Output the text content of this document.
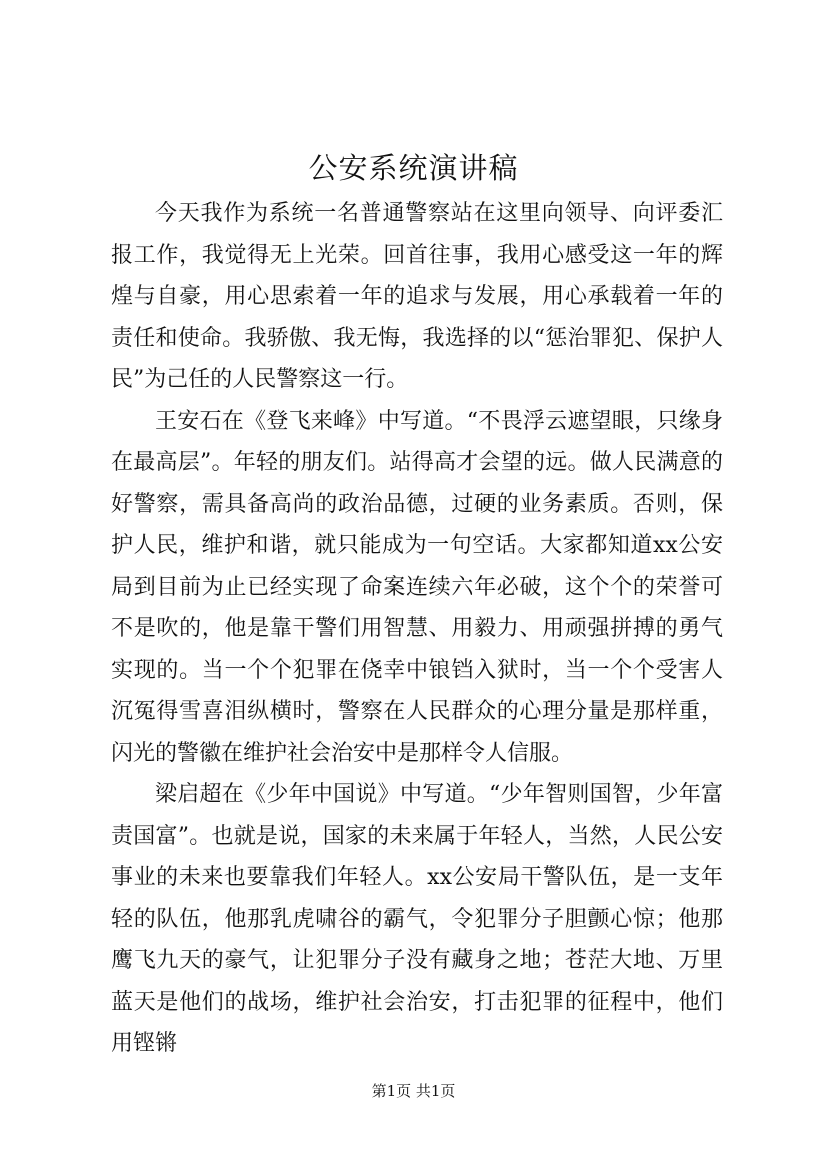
公安系统演讲稿

今天我作为系统一名普通警察站在这里向领导、向评委汇报工作，我觉得无上光荣。回首往事，我用心感受这一年的辉煌与自豪，用心思索着一年的追求与发展，用心承载着一年的责任和使命。我骄傲、我无悔，我选择的以“惩治罪犯、保护人民”为己任的人民警察这一行。

王安石在《登飞来峰》中写道。“不畏浮云遮望眼，只缘身在最高层”。年轻的朋友们。站得高才会望的远。做人民满意的好警察，需具备高尚的政治品德，过硬的业务素质。否则，保护人民，维护和谐，就只能成为一句空话。大家都知道xx公安局到目前为止已经实现了命案连续六年必破，这个个的荣誉可不是吹的，他是靠干警们用智慧、用毅力、用顽强拼搏的勇气实现的。当一个个犯罪在侥幸中锒铛入狱时，当一个个受害人沉冤得雪喜泪纵横时，警察在人民群众的心理分量是那样重，闪光的警徽在维护社会治安中是那样令人信服。

梁启超在《少年中国说》中写道。“少年智则国智，少年富责国富”。也就是说，国家的未来属于年轻人，当然，人民公安事业的未来也要靠我们年轻人。xx公安局干警队伍，是一支年轻的队伍，他那乳虎啸谷的霸气，令犯罪分子胆颤心惊；他那鹰飞九天的豪气，让犯罪分子没有藏身之地；苍茫大地、万里蓝天是他们的战场，维护社会治安，打击犯罪的征程中，他们用铿锵

第1页 共1页
